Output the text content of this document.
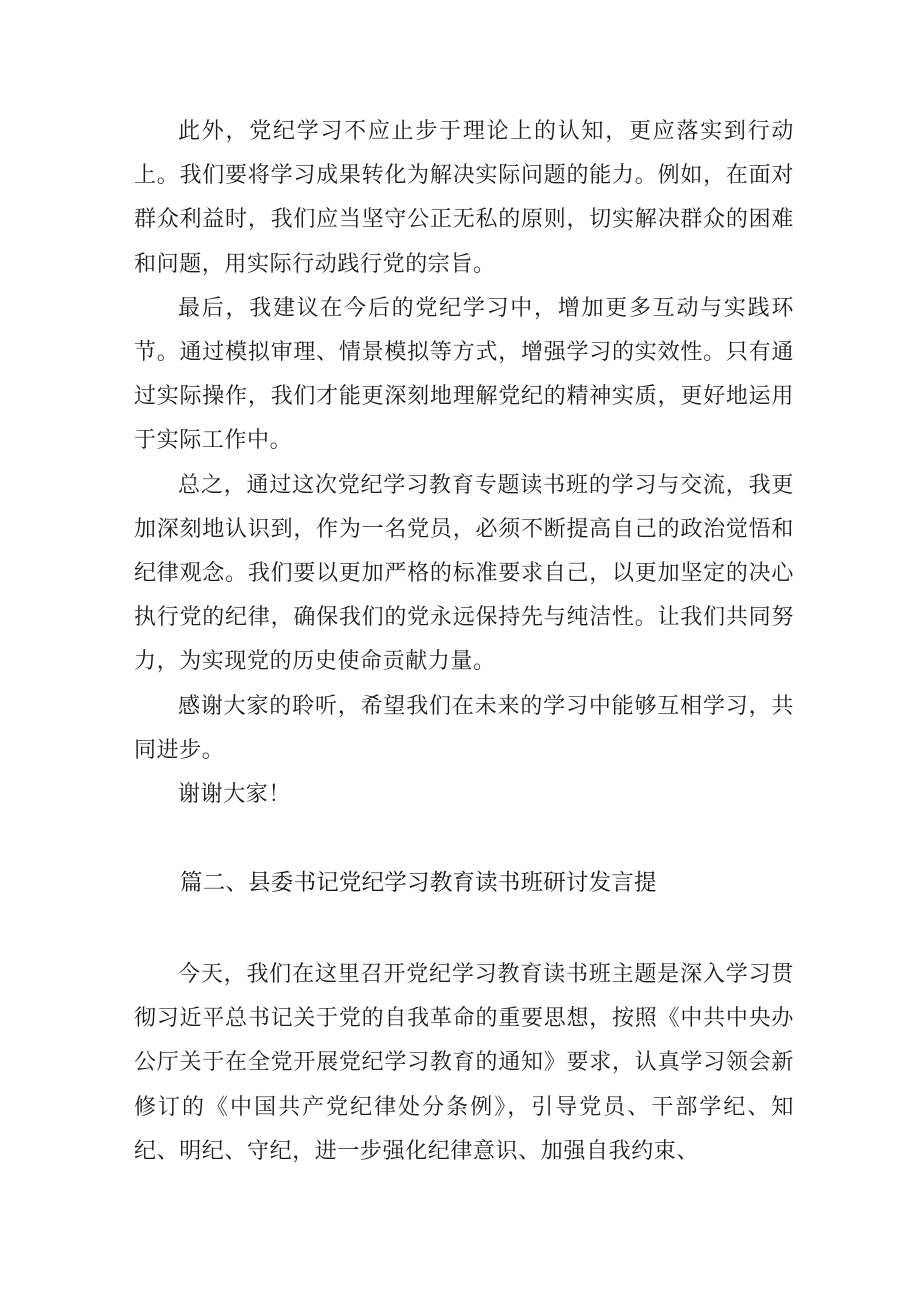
此外，党纪学习不应止步于理论上的认知，更应落实到行动上。我们要将学习成果转化为解决实际问题的能力。例如，在面对群众利益时，我们应当坚守公正无私的原则，切实解决群众的困难和问题，用实际行动践行党的宗旨。

最后，我建议在今后的党纪学习中，增加更多互动与实践环节。通过模拟审理、情景模拟等方式，增强学习的实效性。只有通过实际操作，我们才能更深刻地理解党纪的精神实质，更好地运用于实际工作中。

总之，通过这次党纪学习教育专题读书班的学习与交流，我更加深刻地认识到，作为一名党员，必须不断提高自己的政治觉悟和纪律观念。我们要以更加严格的标准要求自己，以更加坚定的决心执行党的纪律，确保我们的党永远保持先与纯洁性。让我们共同努力，为实现党的历史使命贡献力量。

感谢大家的聆听，希望我们在未来的学习中能够互相学习，共同进步。

谢谢大家！

篇二、县委书记党纪学习教育读书班研讨发言提

今天，我们在这里召开党纪学习教育读书班主题是深入学习贯彻习近平总书记关于党的自我革命的重要思想，按照《中共中央办公厅关于在全党开展党纪学习教育的通知》要求，认真学习领会新修订的《中国共产党纪律处分条例》，引导党员、干部学纪、知纪、明纪、守纪，进一步强化纪律意识、加强自我约束、
